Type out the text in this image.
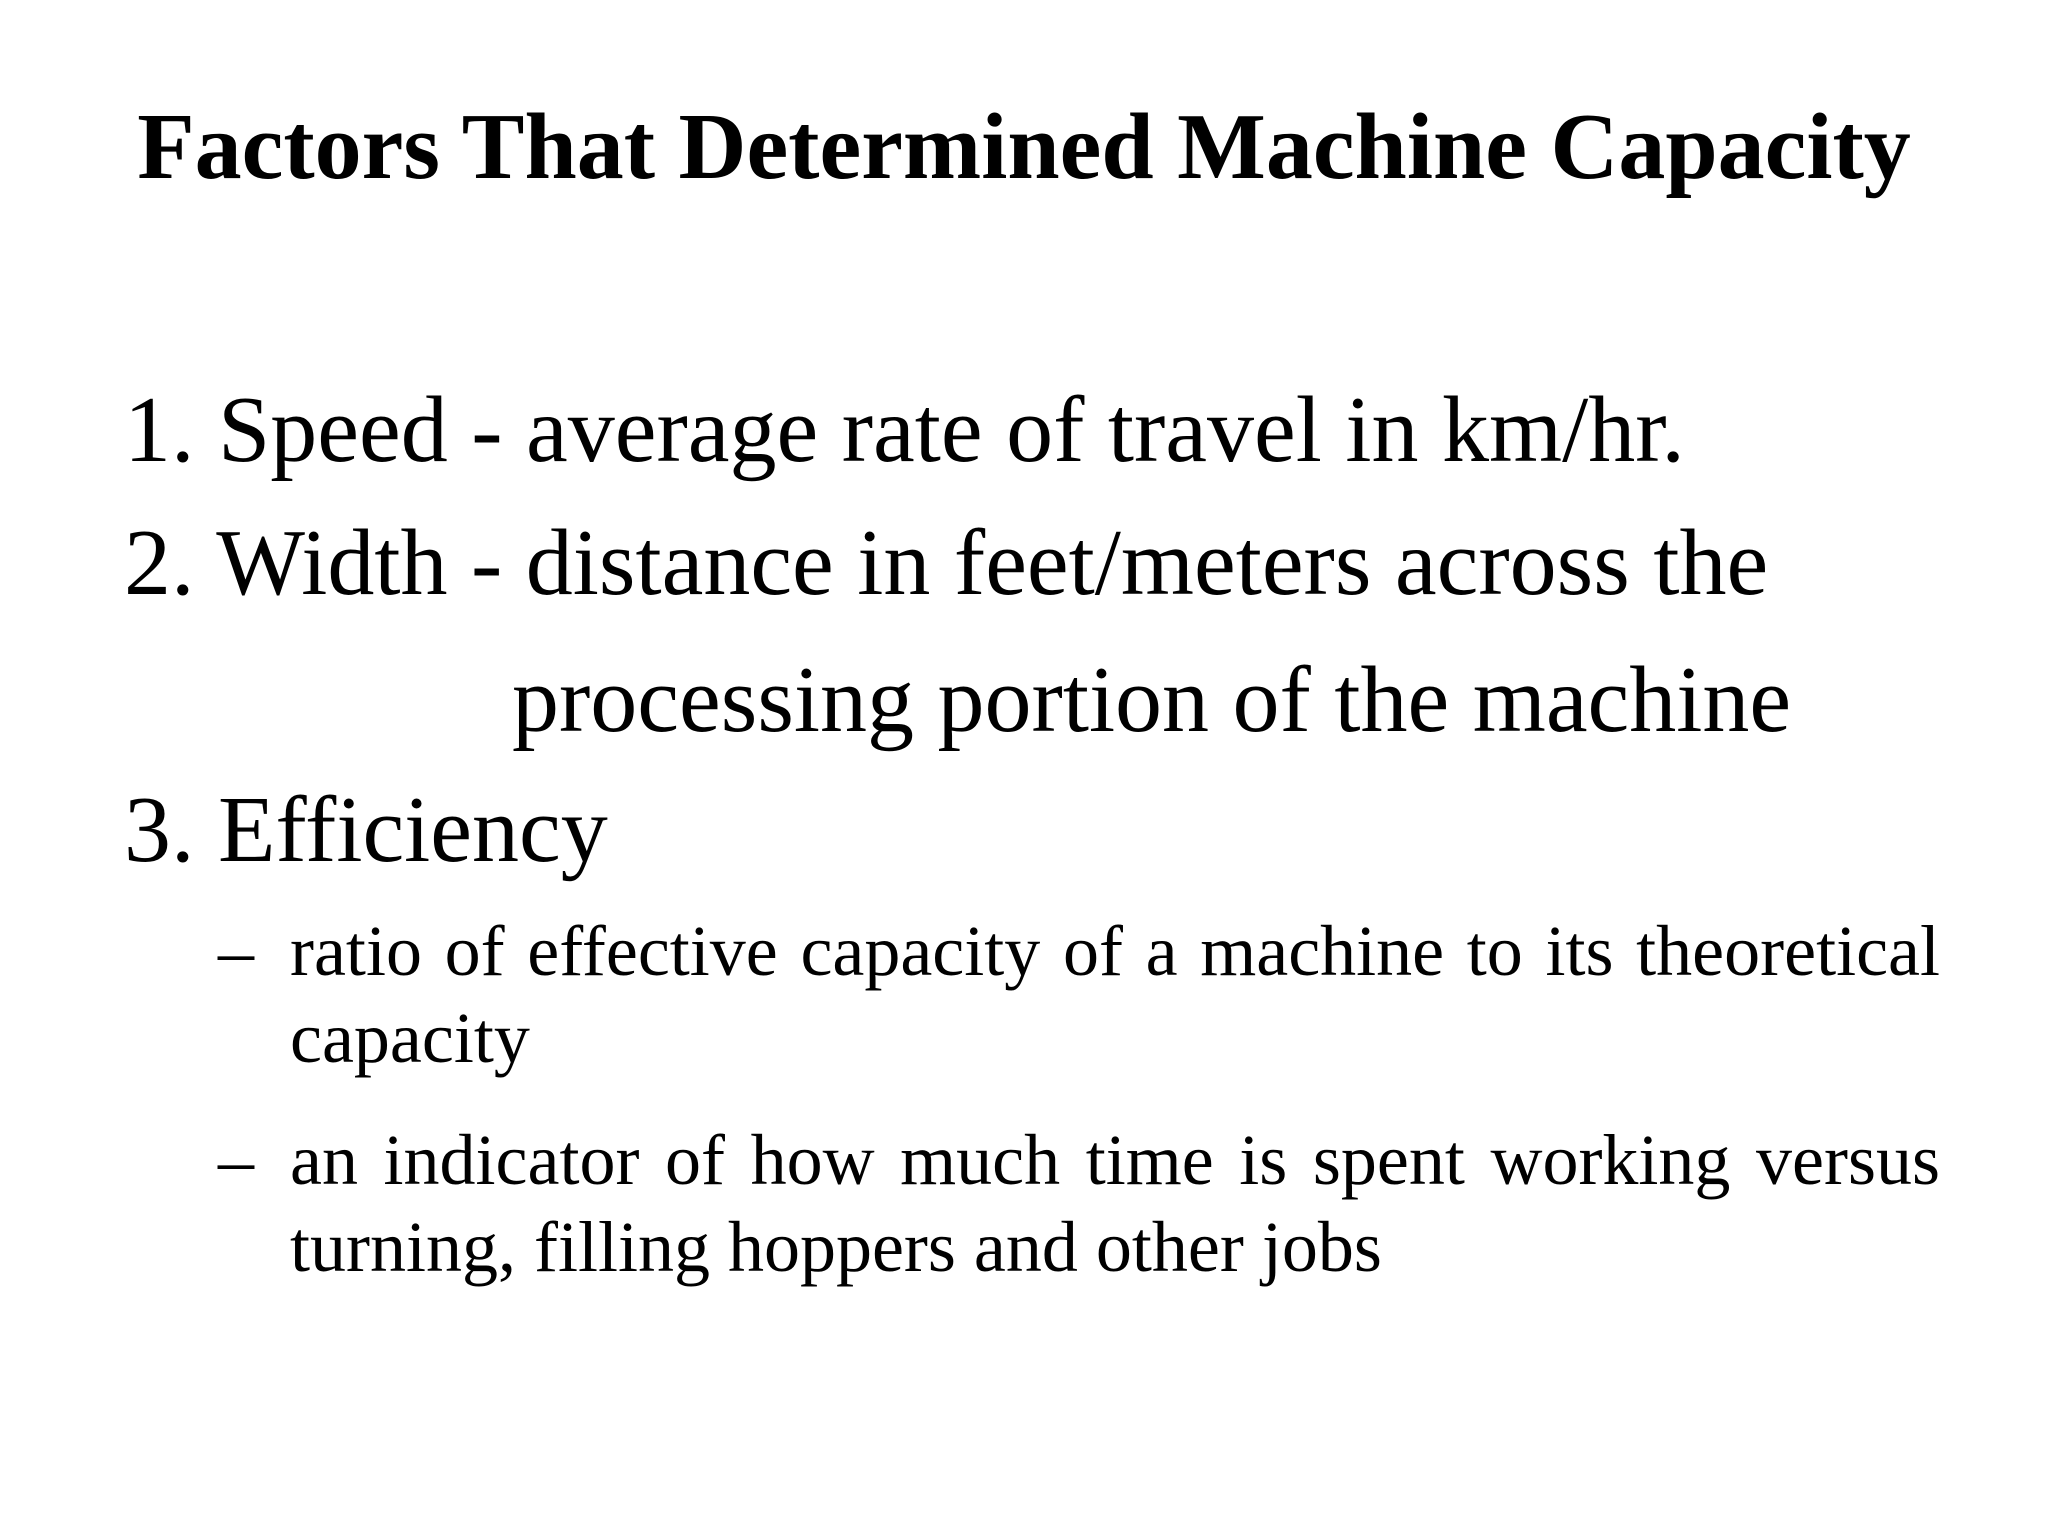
Factors That Determined Machine Capacity
1. Speed - average rate of travel in km/hr.
2. Width - distance in feet/meters across the
processing portion of the machine
3. Efficiency
– ratio of effective capacity of a machine to its theoretical capacity
– an indicator of how much time is spent working versus turning, filling hoppers and other jobs
